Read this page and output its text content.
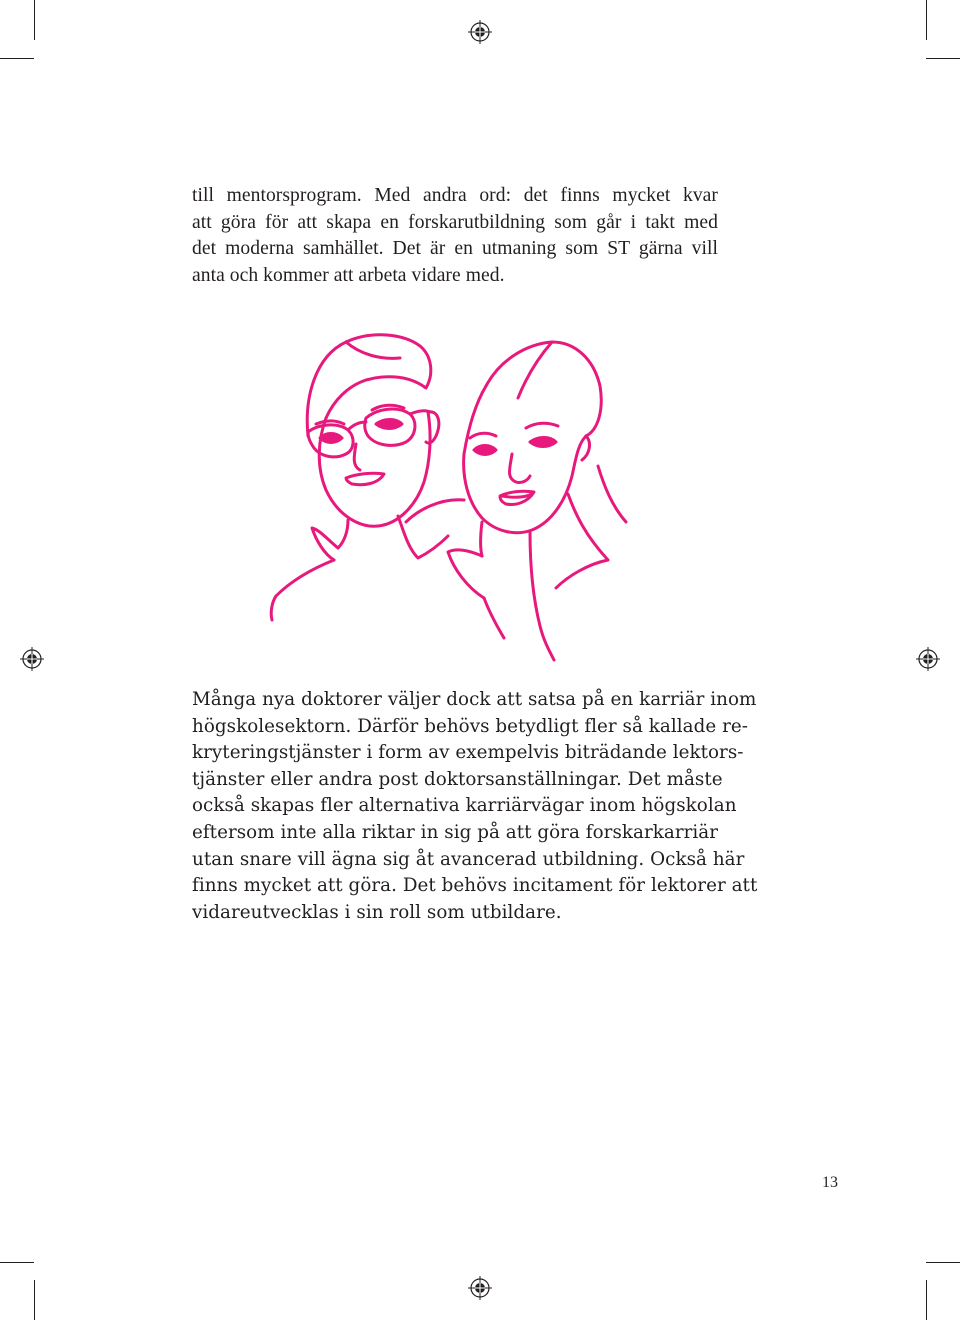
till mentorsprogram. Med andra ord: det finns mycket kvar
att göra för att skapa en forskarutbildning som går i takt med
det moderna samhället. Det är en utmaning som ST gärna vill
anta och kommer att arbeta vidare med.

Många nya doktorer väljer dock att satsa på en karriär inom
högskolesektorn. Därför behövs betydligt fler så kallade re-
kryteringstjänster i form av exempelvis biträdande lektors-
tjänster eller andra post doktorsanställningar. Det måste
också skapas fler alternativa karriärvägar inom högskolan
eftersom inte alla riktar in sig på att göra forskarkarriär
utan snare vill ägna sig åt avancerad utbildning. Också här
finns mycket att göra. Det behövs incitament för lektorer att
vidareutvecklas i sin roll som utbildare.

13
